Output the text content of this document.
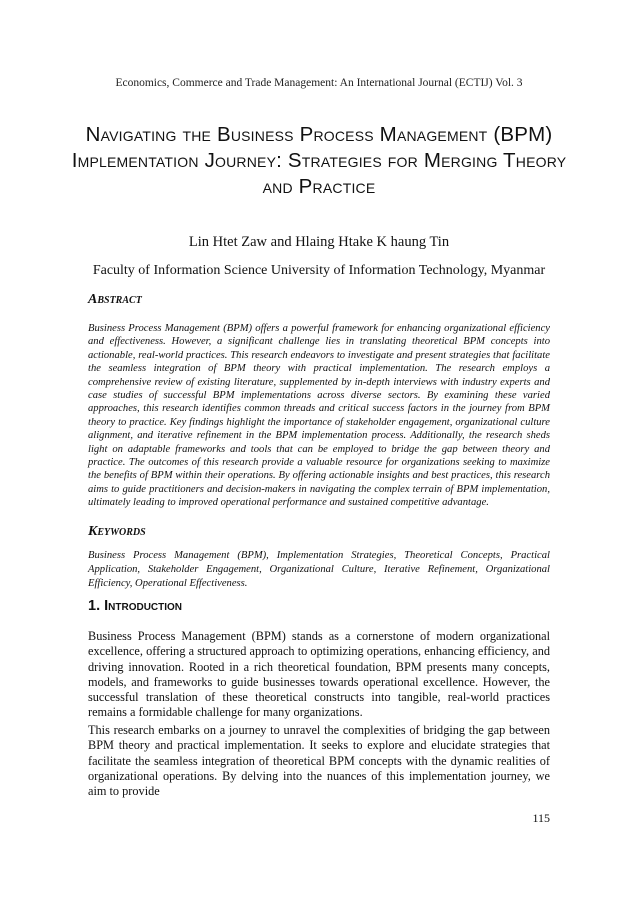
Economics, Commerce and Trade Management: An International Journal (ECTIJ) Vol. 3
Navigating the Business Process Management (BPM) Implementation Journey: Strategies for Merging Theory and Practice
Lin Htet Zaw and Hlaing Htake K haung Tin
Faculty of Information Science University of Information Technology, Myanmar
Abstract

Business Process Management (BPM) offers a powerful framework for enhancing organizational efficiency and effectiveness. However, a significant challenge lies in translating theoretical BPM concepts into actionable, real-world practices. This research endeavors to investigate and present strategies that facilitate the seamless integration of BPM theory with practical implementation. The research employs a comprehensive review of existing literature, supplemented by in-depth interviews with industry experts and case studies of successful BPM implementations across diverse sectors. By examining these varied approaches, this research identifies common threads and critical success factors in the journey from BPM theory to practice. Key findings highlight the importance of stakeholder engagement, organizational culture alignment, and iterative refinement in the BPM implementation process. Additionally, the research sheds light on adaptable frameworks and tools that can be employed to bridge the gap between theory and practice. The outcomes of this research provide a valuable resource for organizations seeking to maximize the benefits of BPM within their operations. By offering actionable insights and best practices, this research aims to guide practitioners and decision-makers in navigating the complex terrain of BPM implementation, ultimately leading to improved operational performance and sustained competitive advantage.

Keywords

Business Process Management (BPM), Implementation Strategies, Theoretical Concepts, Practical Application, Stakeholder Engagement, Organizational Culture, Iterative Refinement, Organizational Efficiency, Operational Effectiveness.

1. Introduction

Business Process Management (BPM) stands as a cornerstone of modern organizational excellence, offering a structured approach to optimizing operations, enhancing efficiency, and driving innovation. Rooted in a rich theoretical foundation, BPM presents many concepts, models, and frameworks to guide businesses towards operational excellence. However, the successful translation of these theoretical constructs into tangible, real-world practices remains a formidable challenge for many organizations.

This research embarks on a journey to unravel the complexities of bridging the gap between BPM theory and practical implementation. It seeks to explore and elucidate strategies that facilitate the seamless integration of theoretical BPM concepts with the dynamic realities of organizational operations. By delving into the nuances of this implementation journey, we aim to provide

115
